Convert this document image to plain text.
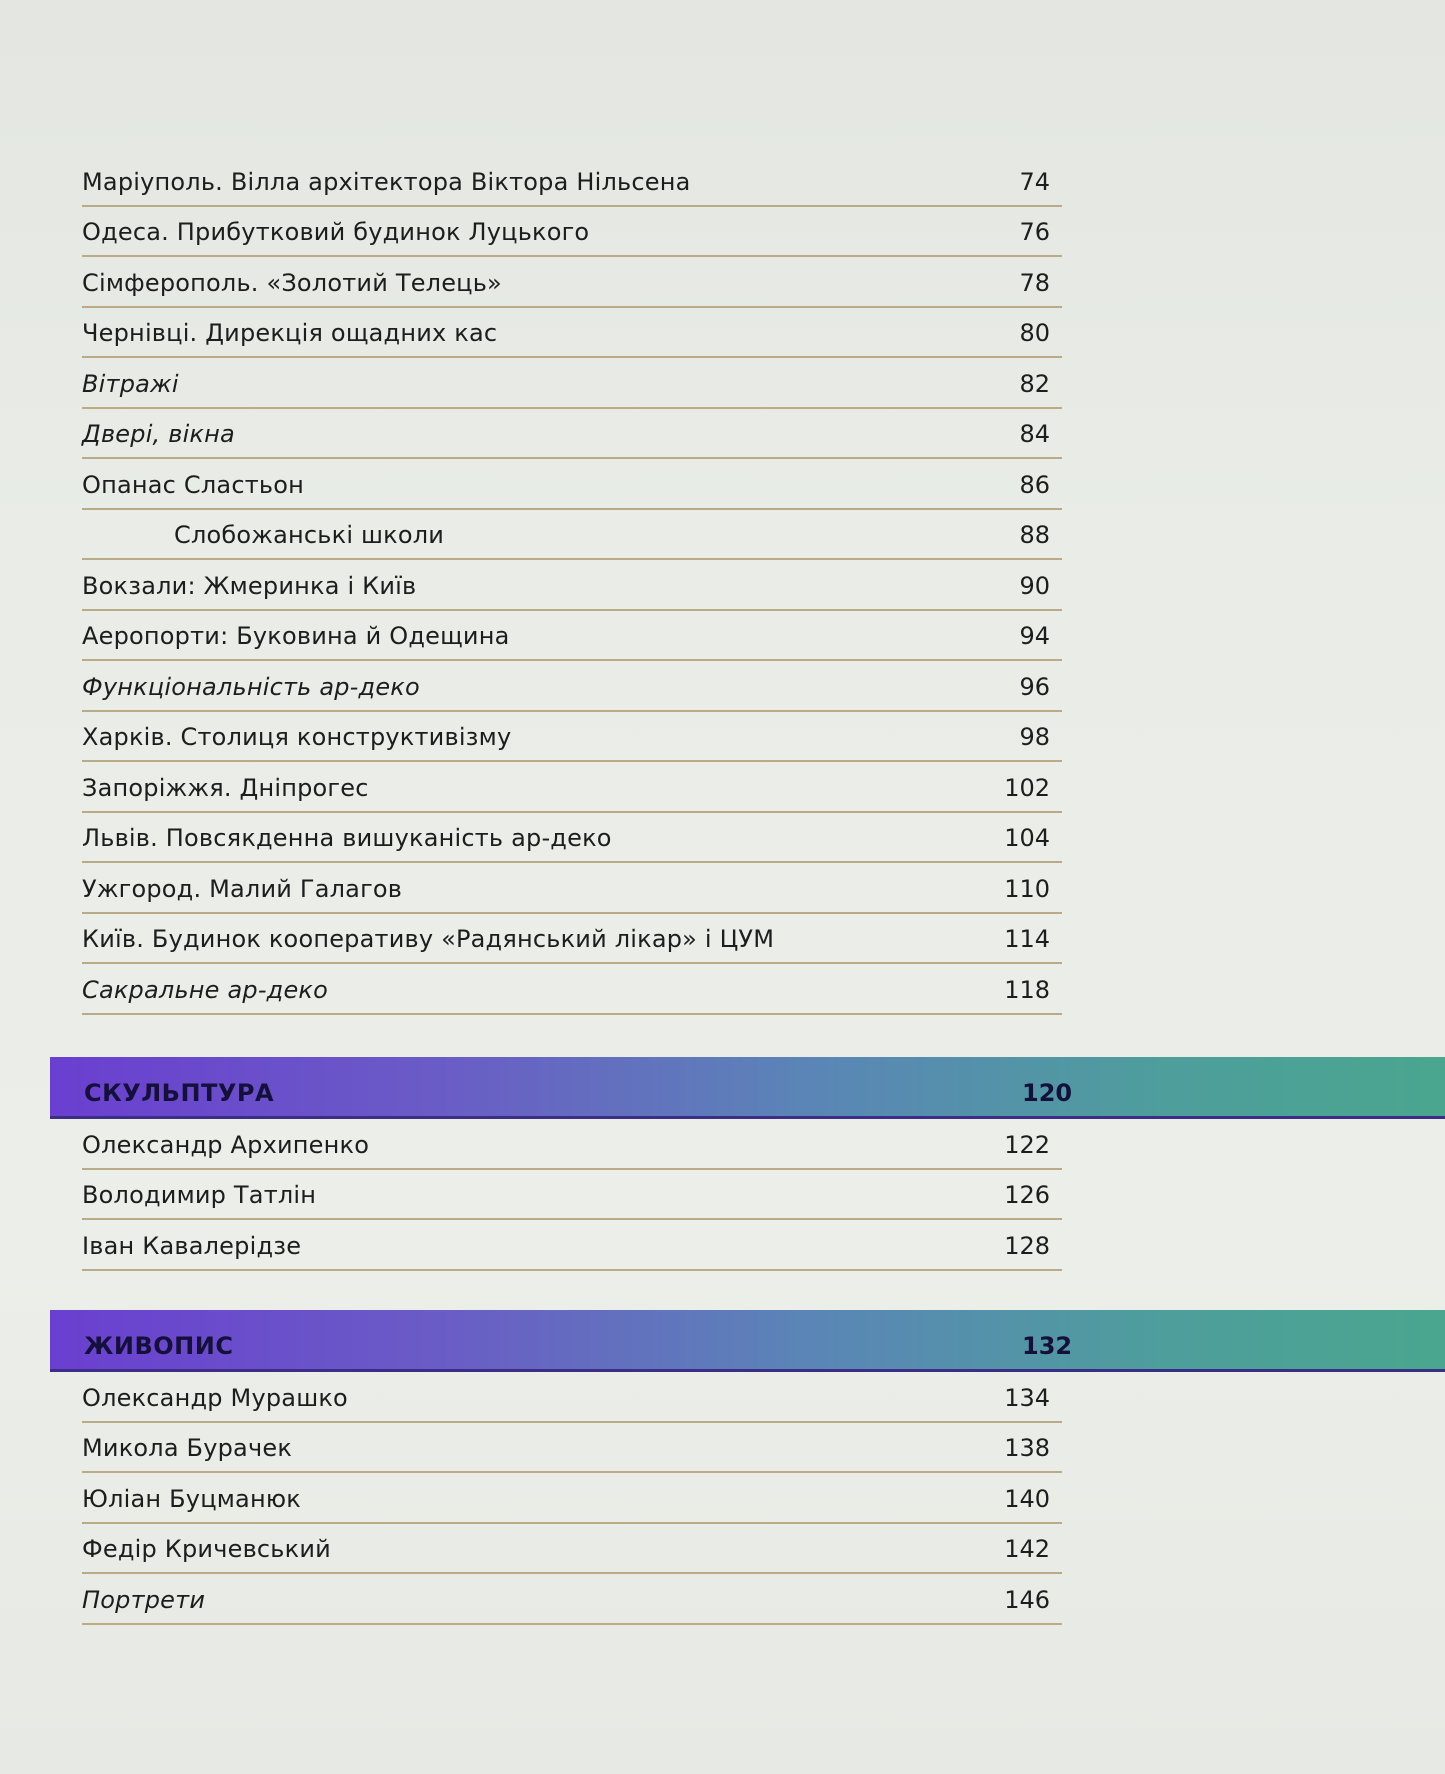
Маріуполь. Вілла архітектора Віктора Нільсена	74
Одеса. Прибутковий будинок Луцького	76
Сімферополь. «Золотий Телець»	78
Чернівці. Дирекція ощадних кас	80
Вітражі	82
Двері, вікна	84
Опанас Сластьон	86
Слобожанські школи	88
Вокзали: Жмеринка і Київ	90
Аеропорти: Буковина й Одещина	94
Функціональність ар-деко	96
Харків. Столиця конструктивізму	98
Запоріжжя. Дніпрогес	102
Львів. Повсякденна вишуканість ар-деко	104
Ужгород. Малий Галагов	110
Київ. Будинок кооперативу «Радянський лікар» і ЦУМ	114
Сакральне ар-деко	118
СКУЛЬПТУРА	120
Олександр Архипенко	122
Володимир Татлін	126
Іван Кавалерідзе	128
ЖИВОПИС	132
Олександр Мурашко	134
Микола Бурачек	138
Юліан Буцманюк	140
Федір Кричевський	142
Портрети	146
